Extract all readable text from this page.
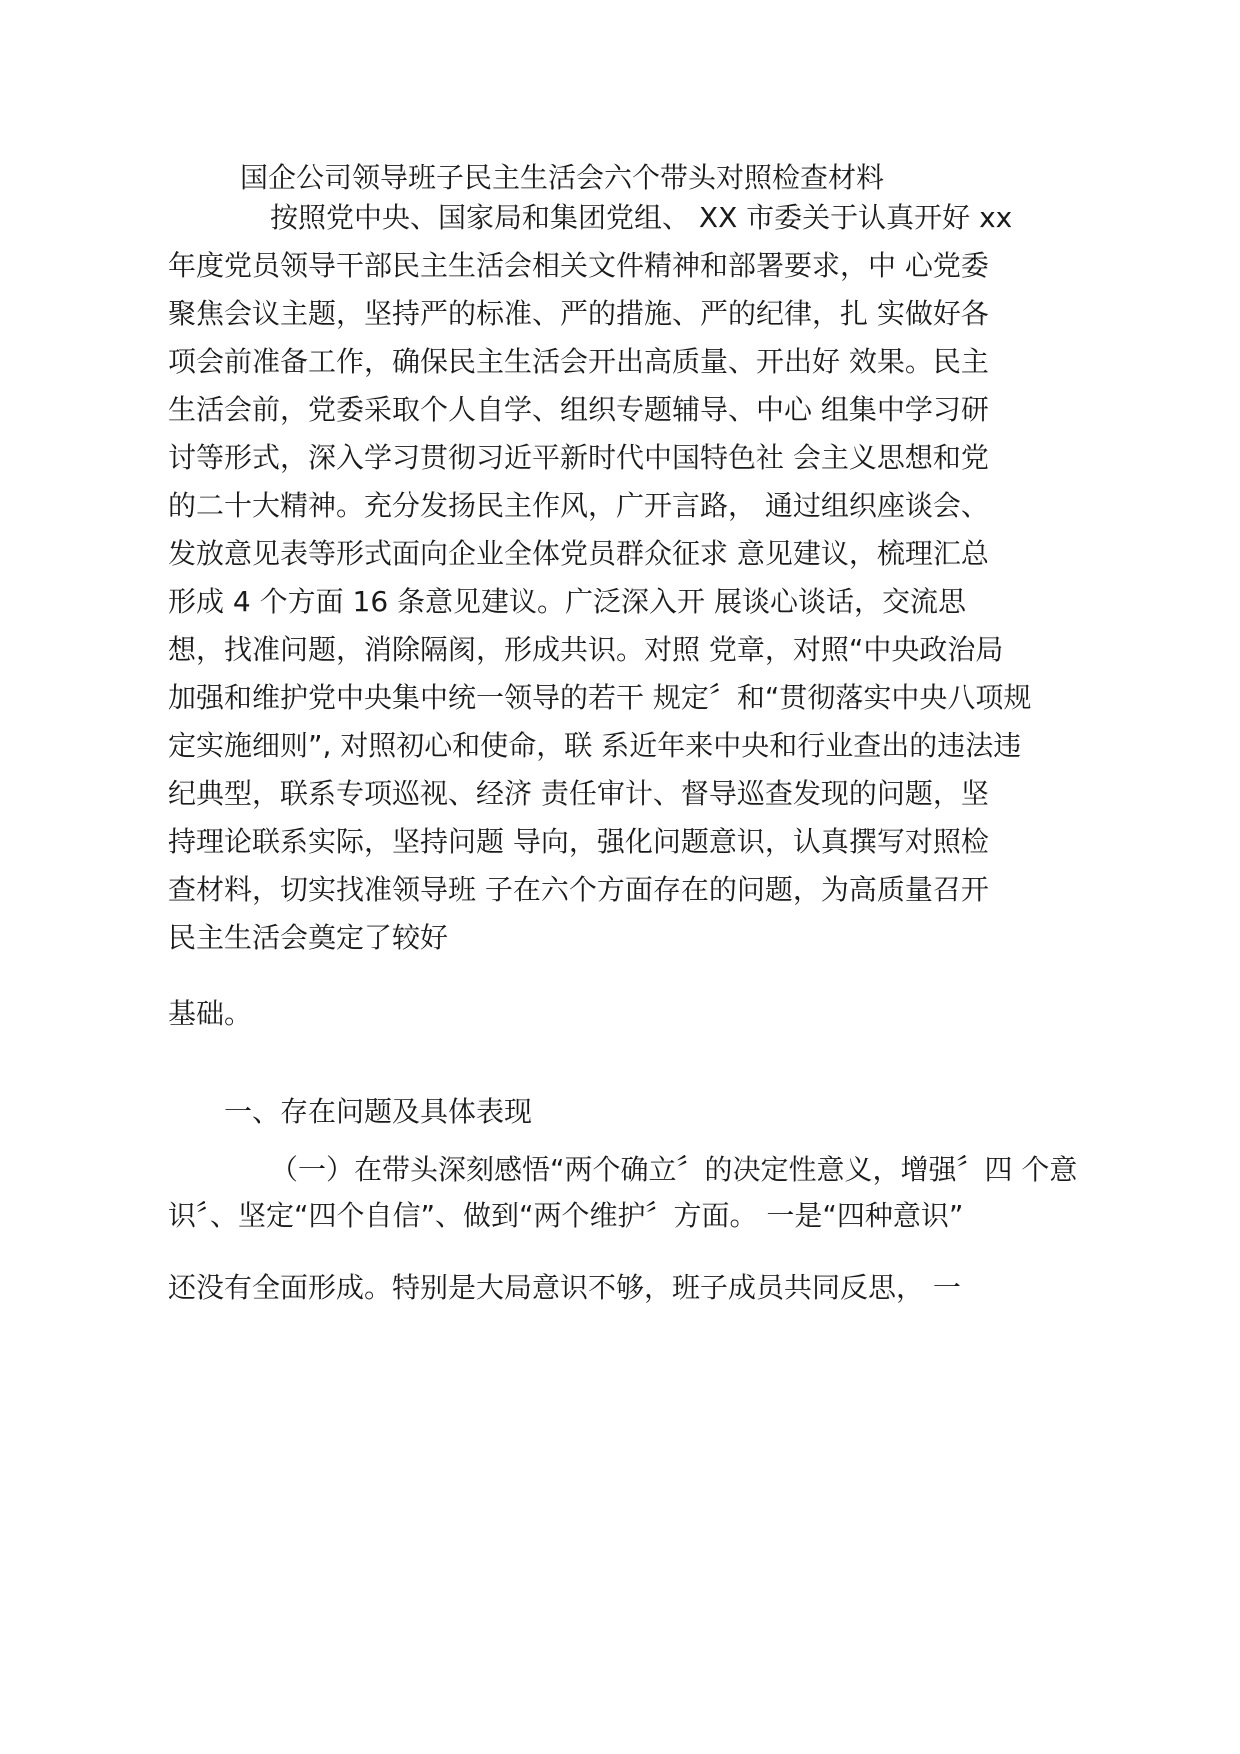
国企公司领导班子民主生活会六个带头对照检查材料
按照党中央、国家局和集团党组、 XX 市委关于认真开好 xx
年度党员领导干部民主生活会相关文件精神和部署要求，中 心党委
聚焦会议主题，坚持严的标准、严的措施、严的纪律，扎 实做好各
项会前准备工作，确保民主生活会开出高质量、开出好 效果。民主
生活会前，党委采取个人自学、组织专题辅导、中心 组集中学习研
讨等形式，深入学习贯彻习近平新时代中国特色社 会主义思想和党
的二十大精神。充分发扬民主作风，广开言路， 通过组织座谈会、
发放意见表等形式面向企业全体党员群众征求 意见建议，梳理汇总
形成 4 个方面 16 条意见建议。广泛深入开 展谈心谈话，交流思
想，找准问题，消除隔阂，形成共识。对照 党章，对照“中央政治局
加强和维护党中央集中统一领导的若干 规定〞和“贯彻落实中央八项规
定实施细则”, 对照初心和使命，联 系近年来中央和行业查出的违法违
纪典型，联系专项巡视、经济 责任审计、督导巡查发现的问题，坚
持理论联系实际，坚持问题 导向，强化问题意识，认真撰写对照检
查材料，切实找准领导班 子在六个方面存在的问题，为高质量召开
民主生活会奠定了较好
基础。
一、存在问题及具体表现
（一）在带头深刻感悟“两个确立〞的决定性意义，增强〞四 个意
识〞、坚定“四个自信”、做到“两个维护〞方面。 一是“四种意识”
还没有全面形成。特别是大局意识不够，班子成员共同反思， 一
